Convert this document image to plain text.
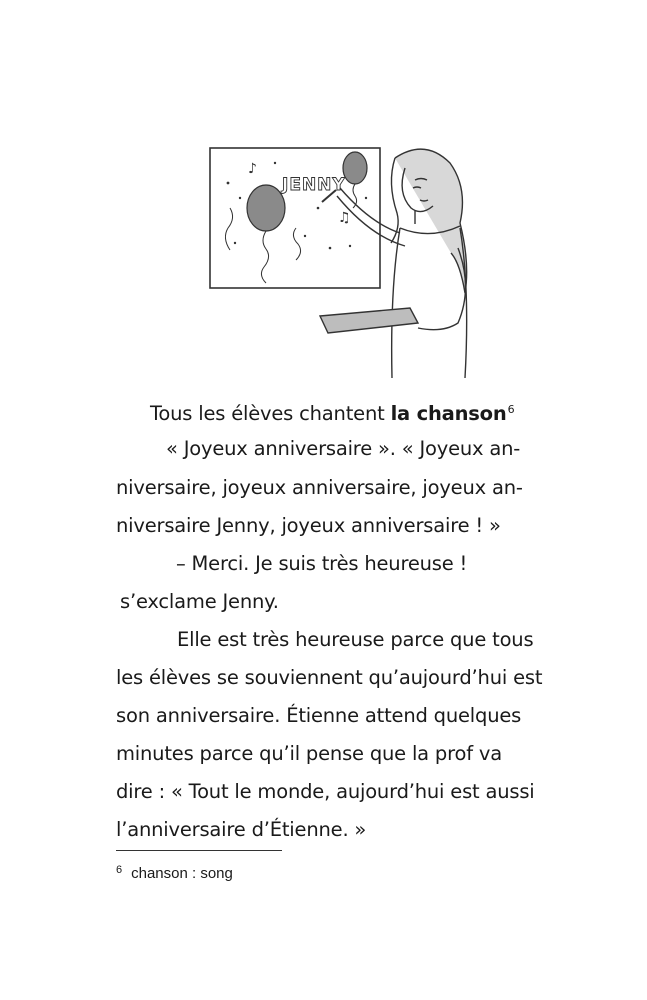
JENNY
♪
♫
Tous les élèves chantent la chanson$^6$
« Joyeux anniversaire ». « Joyeux an-
niversaire, joyeux anniversaire, joyeux an-
niversaire Jenny, joyeux anniversaire ! »
– Merci. Je suis très heureuse !
s’exclame Jenny.
Elle est très heureuse parce que tous
les élèves se souviennent qu’aujourd’hui est
son anniversaire. Étienne attend quelques
minutes parce qu’il pense que la prof va
dire : « Tout le monde, aujourd’hui est aussi
l’anniversaire d’Étienne. »
$^6$ chanson : song
